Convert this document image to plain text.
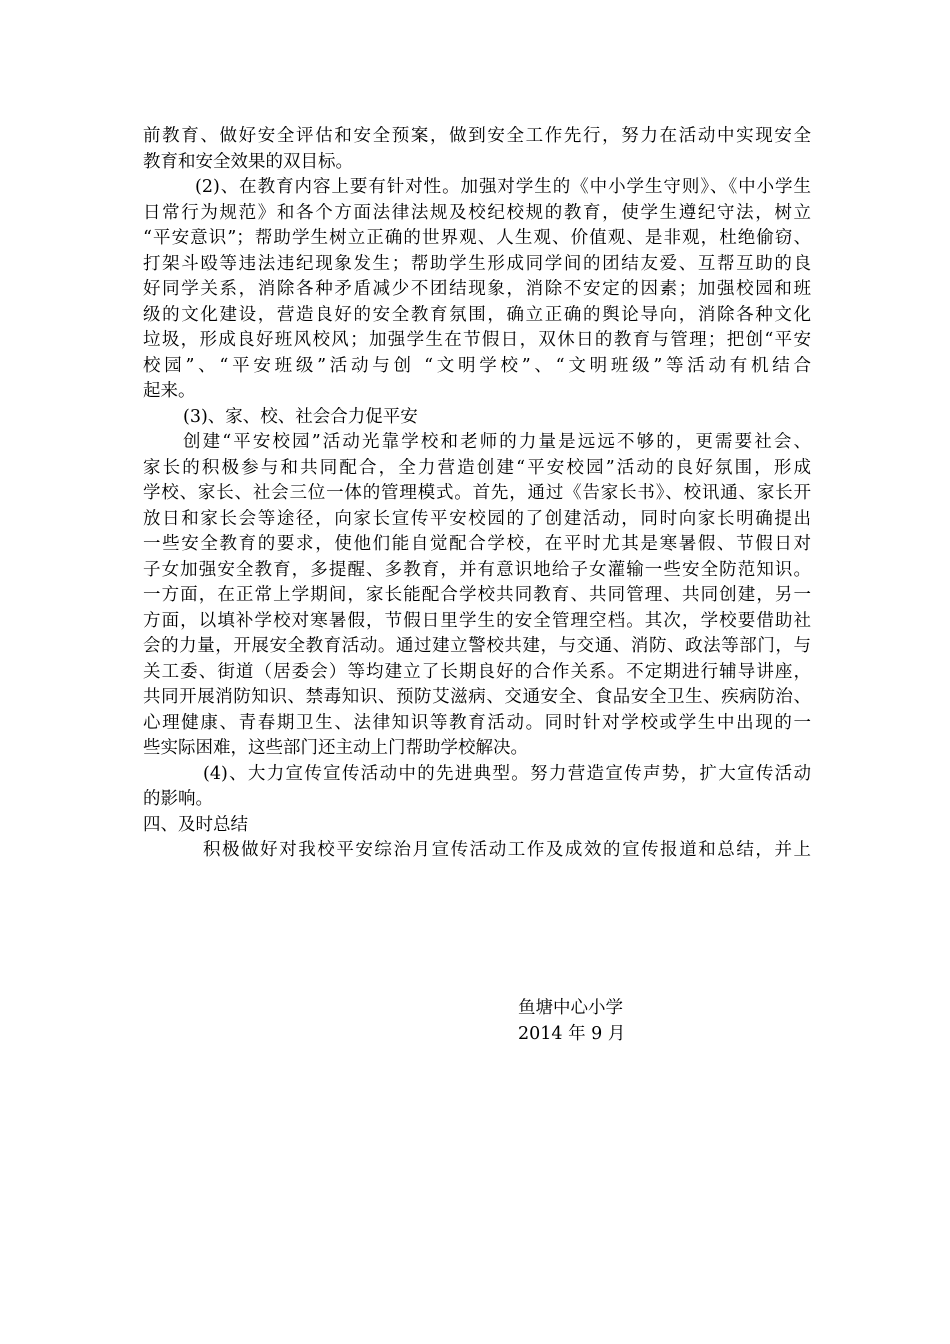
前教育、做好安全评估和安全预案，做到安全工作先行，努力在活动中实现安全
教育和安全效果的双目标。
(2)、在教育内容上要有针对性。加强对学生的《中小学生守则》、《中小学生
日常行为规范》和各个方面法律法规及校纪校规的教育，使学生遵纪守法，树立
“平安意识”；帮助学生树立正确的世界观、人生观、价值观、是非观，杜绝偷窃、
打架斗殴等违法违纪现象发生；帮助学生形成同学间的团结友爱、互帮互助的良
好同学关系，消除各种矛盾减少不团结现象，消除不安定的因素；加强校园和班
级的文化建设，营造良好的安全教育氛围，确立正确的舆论导向，消除各种文化
垃圾，形成良好班风校风；加强学生在节假日，双休日的教育与管理；把创“平安
校园”、“平安班级”活动与创 “文明学校”、“文明班级”等活动有机结合
起来。
(3)、家、校、社会合力促平安
创建“平安校园”活动光靠学校和老师的力量是远远不够的，更需要社会、
家长的积极参与和共同配合，全力营造创建“平安校园”活动的良好氛围，形成
学校、家长、社会三位一体的管理模式。首先，通过《告家长书》、校讯通、家长开
放日和家长会等途径，向家长宣传平安校园的了创建活动，同时向家长明确提出
一些安全教育的要求，使他们能自觉配合学校，在平时尤其是寒暑假、节假日对
子女加强安全教育，多提醒、多教育，并有意识地给子女灌输一些安全防范知识。
一方面，在正常上学期间，家长能配合学校共同教育、共同管理、共同创建，另一
方面，以填补学校对寒暑假，节假日里学生的安全管理空档。其次，学校要借助社
会的力量，开展安全教育活动。通过建立警校共建，与交通、消防、政法等部门，与
关工委、街道（居委会）等均建立了长期良好的合作关系。不定期进行辅导讲座，
共同开展消防知识、禁毒知识、预防艾滋病、交通安全、食品安全卫生、疾病防治、
心理健康、青春期卫生、法律知识等教育活动。同时针对学校或学生中出现的一
些实际困难，这些部门还主动上门帮助学校解决。
(4)、大力宣传宣传活动中的先进典型。努力营造宣传声势，扩大宣传活动
的影响。
四、及时总结
积极做好对我校平安综治月宣传活动工作及成效的宣传报道和总结，并上
鱼塘中心小学
2014 年 9 月
